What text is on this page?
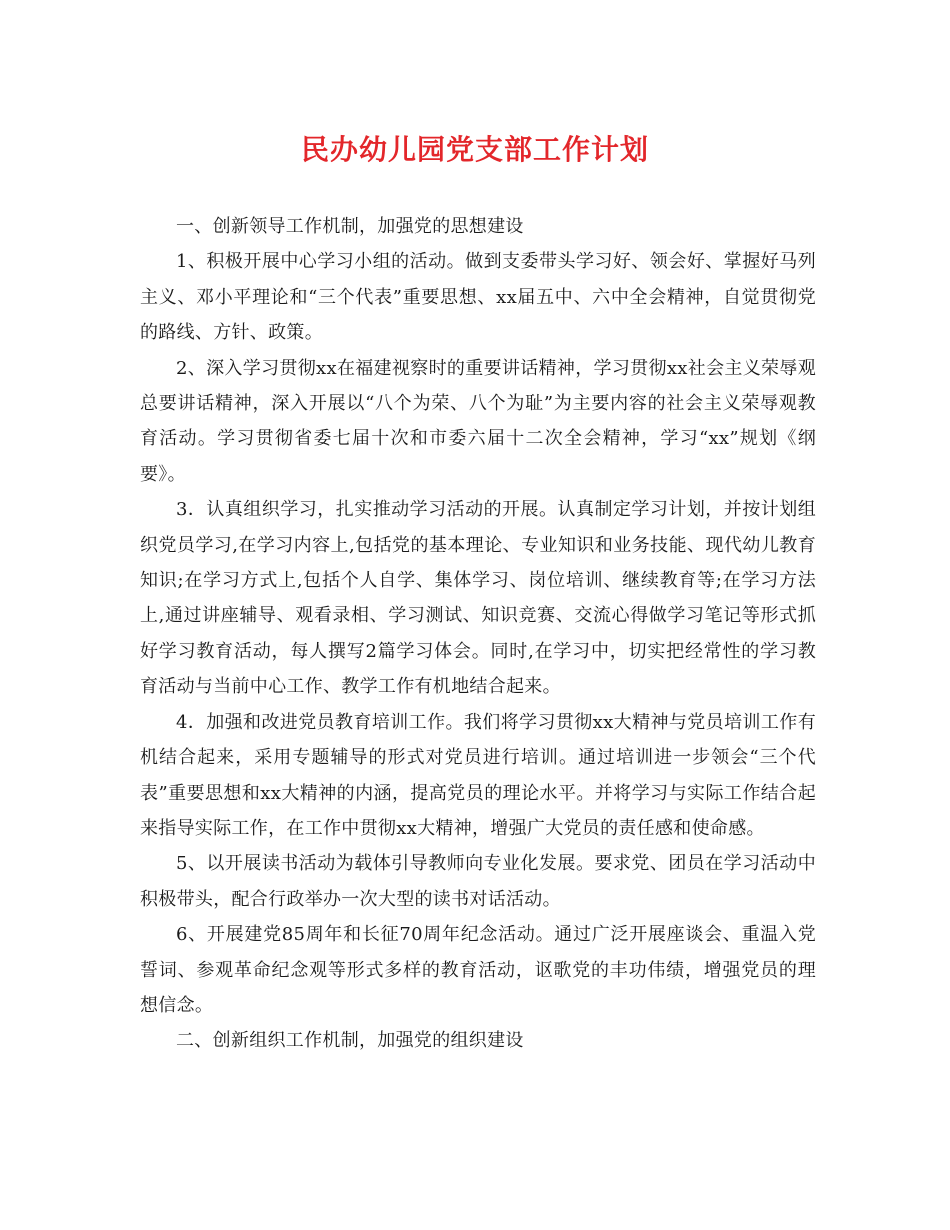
民办幼儿园党支部工作计划

一、创新领导工作机制，加强党的思想建设

1、积极开展中心学习小组的活动。做到支委带头学习好、领会好、掌握好马列主义、邓小平理论和“三个代表”重要思想、xx届五中、六中全会精神，自觉贯彻党的路线、方针、政策。

2、深入学习贯彻xx在福建视察时的重要讲话精神，学习贯彻xx社会主义荣辱观总要讲话精神，深入开展以“八个为荣、八个为耻”为主要内容的社会主义荣辱观教育活动。学习贯彻省委七届十次和市委六届十二次全会精神，学习“xx”规划《纲要》。

3．认真组织学习，扎实推动学习活动的开展。认真制定学习计划，并按计划组织党员学习,在学习内容上,包括党的基本理论、专业知识和业务技能、现代幼儿教育知识;在学习方式上,包括个人自学、集体学习、岗位培训、继续教育等;在学习方法上,通过讲座辅导、观看录相、学习测试、知识竞赛、交流心得做学习笔记等形式抓好学习教育活动，每人撰写2篇学习体会。同时,在学习中，切实把经常性的学习教育活动与当前中心工作、教学工作有机地结合起来。

4．加强和改进党员教育培训工作。我们将学习贯彻xx大精神与党员培训工作有机结合起来，采用专题辅导的形式对党员进行培训。通过培训进一步领会“三个代表”重要思想和xx大精神的内涵，提高党员的理论水平。并将学习与实际工作结合起来指导实际工作，在工作中贯彻xx大精神，增强广大党员的责任感和使命感。

5、以开展读书活动为载体引导教师向专业化发展。要求党、团员在学习活动中积极带头，配合行政举办一次大型的读书对话活动。

6、开展建党85周年和长征70周年纪念活动。通过广泛开展座谈会、重温入党誓词、参观革命纪念观等形式多样的教育活动，讴歌党的丰功伟绩，增强党员的理想信念。

二、创新组织工作机制，加强党的组织建设
